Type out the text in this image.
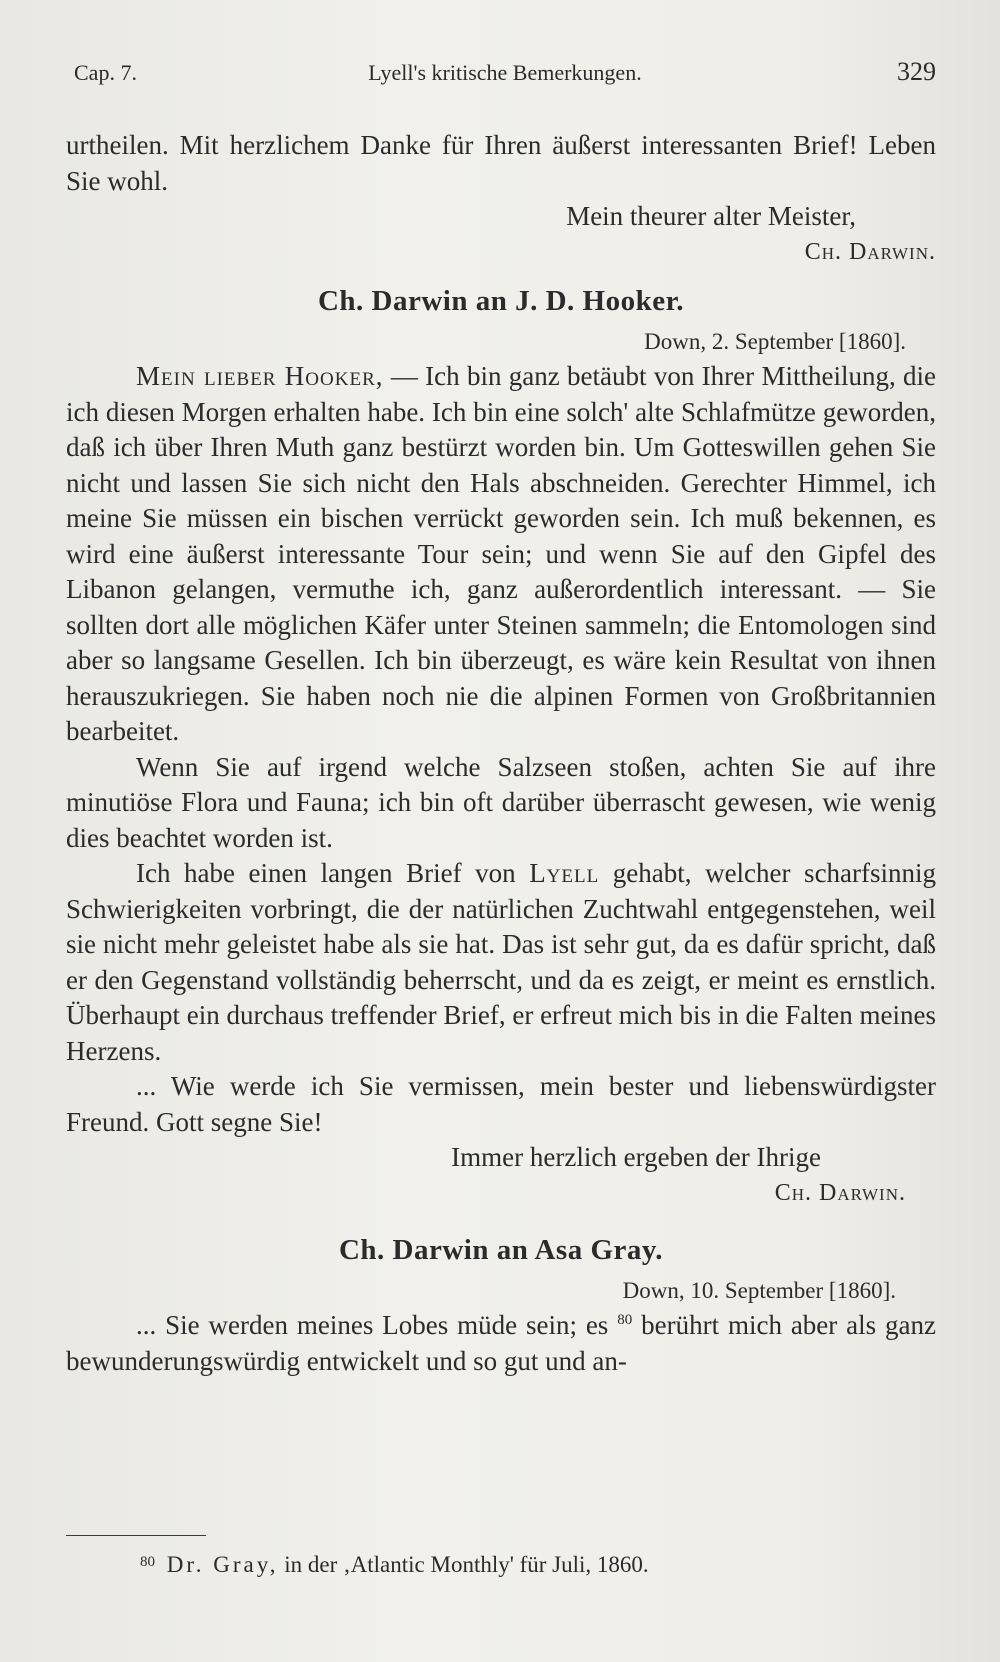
Cap. 7.	Lyell's kritische Bemerkungen.	329

urtheilen. Mit herzlichem Danke für Ihren äußerst interessanten Brief! Leben Sie wohl.

Mein theurer alter Meister,
Ch. Darwin.
Ch. Darwin an J. D. Hooker.
Down, 2. September [1860].

Mein lieber Hooker, — Ich bin ganz betäubt von Ihrer Mittheilung, die ich diesen Morgen erhalten habe. Ich bin eine solch' alte Schlafmütze geworden, daß ich über Ihren Muth ganz bestürzt worden bin. Um Gotteswillen gehen Sie nicht und lassen Sie sich nicht den Hals abschneiden. Gerechter Himmel, ich meine Sie müssen ein bischen verrückt geworden sein. Ich muß bekennen, es wird eine äußerst interessante Tour sein; und wenn Sie auf den Gipfel des Libanon gelangen, vermuthe ich, ganz außerordentlich interessant. — Sie sollten dort alle möglichen Käfer unter Steinen sammeln; die Entomologen sind aber so langsame Gesellen. Ich bin überzeugt, es wäre kein Resultat von ihnen herauszukriegen. Sie haben noch nie die alpinen Formen von Großbritannien bearbeitet.

Wenn Sie auf irgend welche Salzseen stoßen, achten Sie auf ihre minutiöse Flora und Fauna; ich bin oft darüber überrascht gewesen, wie wenig dies beachtet worden ist.

Ich habe einen langen Brief von Lyell gehabt, welcher scharfsinnig Schwierigkeiten vorbringt, die der natürlichen Zuchtwahl entgegenstehen, weil sie nicht mehr geleistet habe als sie hat. Das ist sehr gut, da es dafür spricht, daß er den Gegenstand vollständig beherrscht, und da es zeigt, er meint es ernstlich. Überhaupt ein durchaus treffender Brief, er erfreut mich bis in die Falten meines Herzens.

... Wie werde ich Sie vermissen, mein bester und liebenswürdigster Freund. Gott segne Sie!

Immer herzlich ergeben der Ihrige
Ch. Darwin.
Ch. Darwin an Asa Gray.
Down, 10. September [1860].

... Sie werden meines Lobes müde sein; es $^{80}$ berührt mich aber als ganz bewunderungswürdig entwickelt und so gut und an-

$^{80}$ Dr. Gray, in der ‚Atlantic Monthly' für Juli, 1860.
